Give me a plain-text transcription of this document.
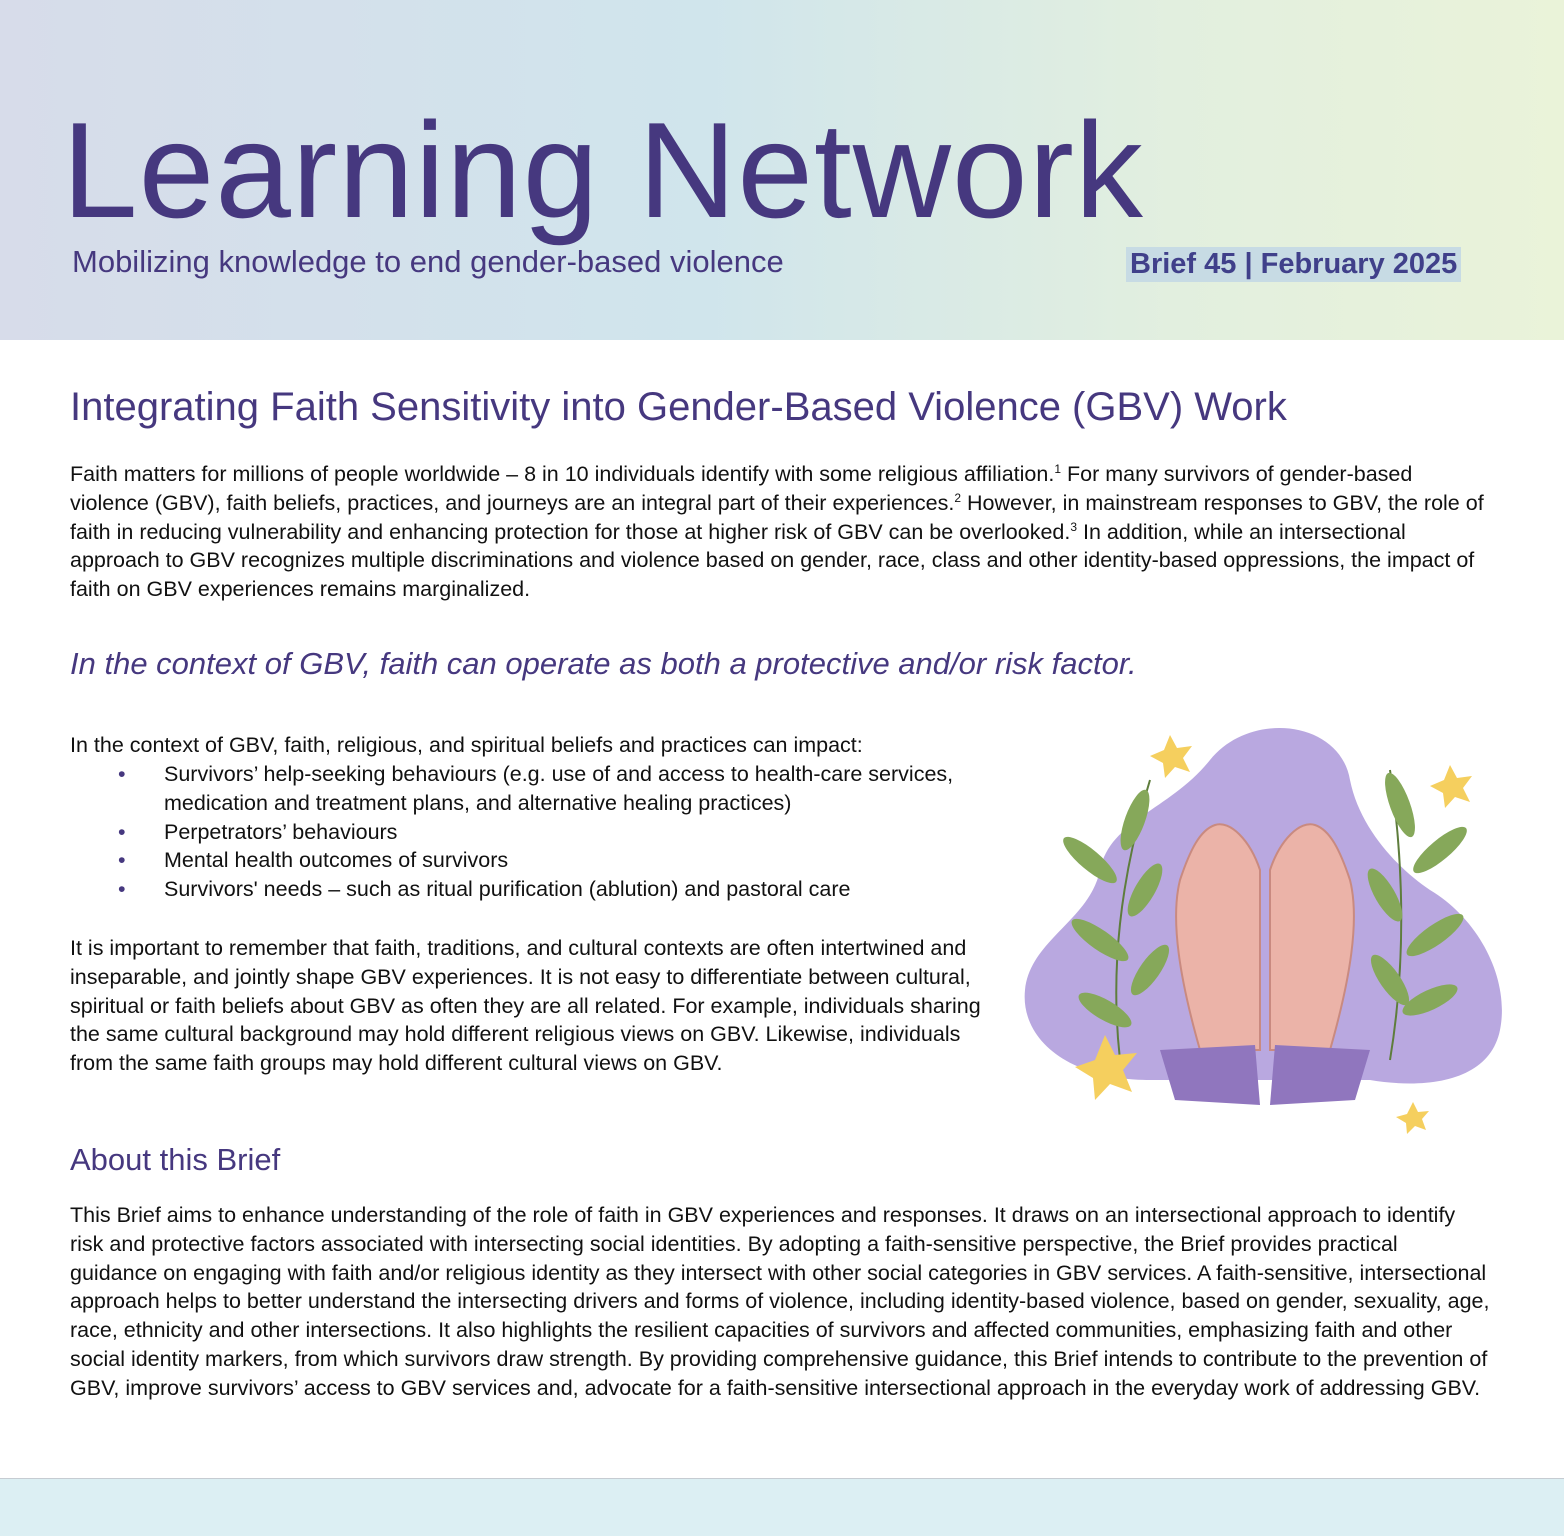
Learning Network
Mobilizing knowledge to end gender-based violence	Brief 45 | February 2025
Integrating Faith Sensitivity into Gender-Based Violence (GBV) Work
Faith matters for millions of people worldwide – 8 in 10 individuals identify with some religious affiliation.$^1$ For many survivors of gender-based violence (GBV), faith beliefs, practices, and journeys are an integral part of their experiences.$^2$ However, in mainstream responses to GBV, the role of faith in reducing vulnerability and enhancing protection for those at higher risk of GBV can be overlooked.$^3$ In addition, while an intersectional approach to GBV recognizes multiple discriminations and violence based on gender, race, class and other identity-based oppressions, the impact of faith on GBV experiences remains marginalized.
In the context of GBV, faith can operate as both a protective and/or risk factor.
In the context of GBV, faith, religious, and spiritual beliefs and practices can impact:
• Survivors’ help-seeking behaviours (e.g. use of and access to health-care services, medication and treatment plans, and alternative healing practices)
• Perpetrators’ behaviours
• Mental health outcomes of survivors
• Survivors' needs – such as ritual purification (ablution) and pastoral care
It is important to remember that faith, traditions, and cultural contexts are often intertwined and inseparable, and jointly shape GBV experiences. It is not easy to differentiate between cultural, spiritual or faith beliefs about GBV as often they are all related. For example, individuals sharing the same cultural background may hold different religious views on GBV. Likewise, individuals from the same faith groups may hold different cultural views on GBV.
About this Brief
This Brief aims to enhance understanding of the role of faith in GBV experiences and responses. It draws on an intersectional approach to identify risk and protective factors associated with intersecting social identities. By adopting a faith-sensitive perspective, the Brief provides practical guidance on engaging with faith and/or religious identity as they intersect with other social categories in GBV services. A faith-sensitive, intersectional approach helps to better understand the intersecting drivers and forms of violence, including identity-based violence, based on gender, sexuality, age, race, ethnicity and other intersections. It also highlights the resilient capacities of survivors and affected communities, emphasizing faith and other social identity markers, from which survivors draw strength. By providing comprehensive guidance, this Brief intends to contribute to the prevention of GBV, improve survivors’ access to GBV services and, advocate for a faith-sensitive intersectional approach in the everyday work of addressing GBV.
